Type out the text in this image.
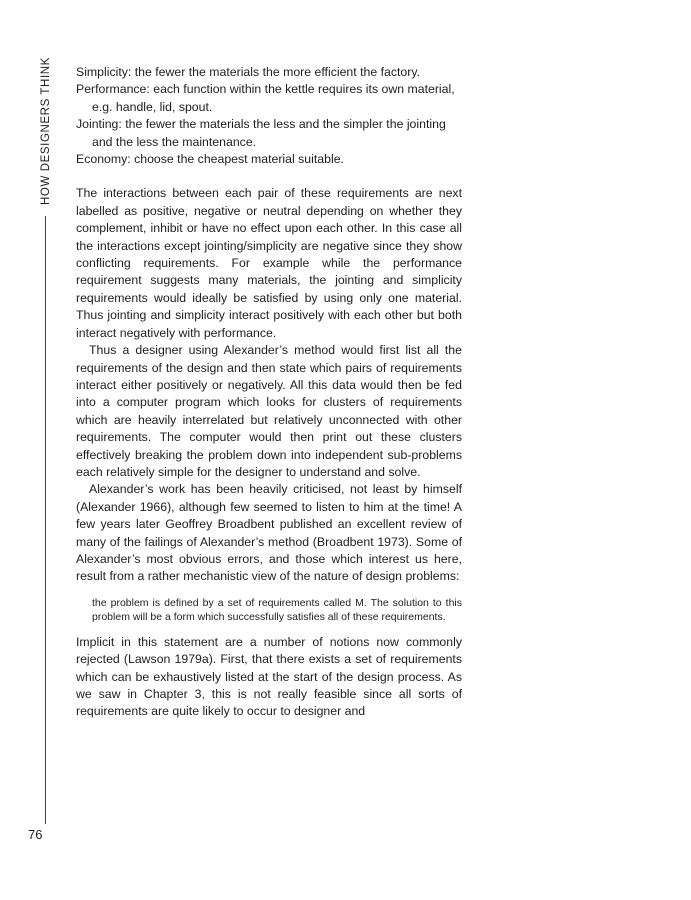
HOW DESIGNERS THINK
76

Simplicity: the fewer the materials the more efficient the factory.

Performance: each function within the kettle requires its own material, e.g. handle, lid, spout.

Jointing: the fewer the materials the less and the simpler the jointing and the less the maintenance.

Economy: choose the cheapest material suitable.

The interactions between each pair of these requirements are next labelled as positive, negative or neutral depending on whether they complement, inhibit or have no effect upon each other. In this case all the interactions except jointing/simplicity are negative since they show conflicting requirements. For example while the performance requirement suggests many materials, the jointing and simplicity requirements would ideally be satisfied by using only one material. Thus jointing and simplicity interact positively with each other but both interact negatively with performance.

Thus a designer using Alexander’s method would first list all the requirements of the design and then state which pairs of requirements interact either positively or negatively. All this data would then be fed into a computer program which looks for clusters of requirements which are heavily interrelated but relatively unconnected with other requirements. The computer would then print out these clusters effectively breaking the problem down into independent sub-problems each relatively simple for the designer to understand and solve.

Alexander’s work has been heavily criticised, not least by himself (Alexander 1966), although few seemed to listen to him at the time! A few years later Geoffrey Broadbent published an excellent review of many of the failings of Alexander’s method (Broadbent 1973). Some of Alexander’s most obvious errors, and those which interest us here, result from a rather mechanistic view of the nature of design problems:

the problem is defined by a set of requirements called M. The solution to this problem will be a form which successfully satisfies all of these requirements.

Implicit in this statement are a number of notions now commonly rejected (Lawson 1979a). First, that there exists a set of requirements which can be exhaustively listed at the start of the design process. As we saw in Chapter 3, this is not really feasible since all sorts of requirements are quite likely to occur to designer and
